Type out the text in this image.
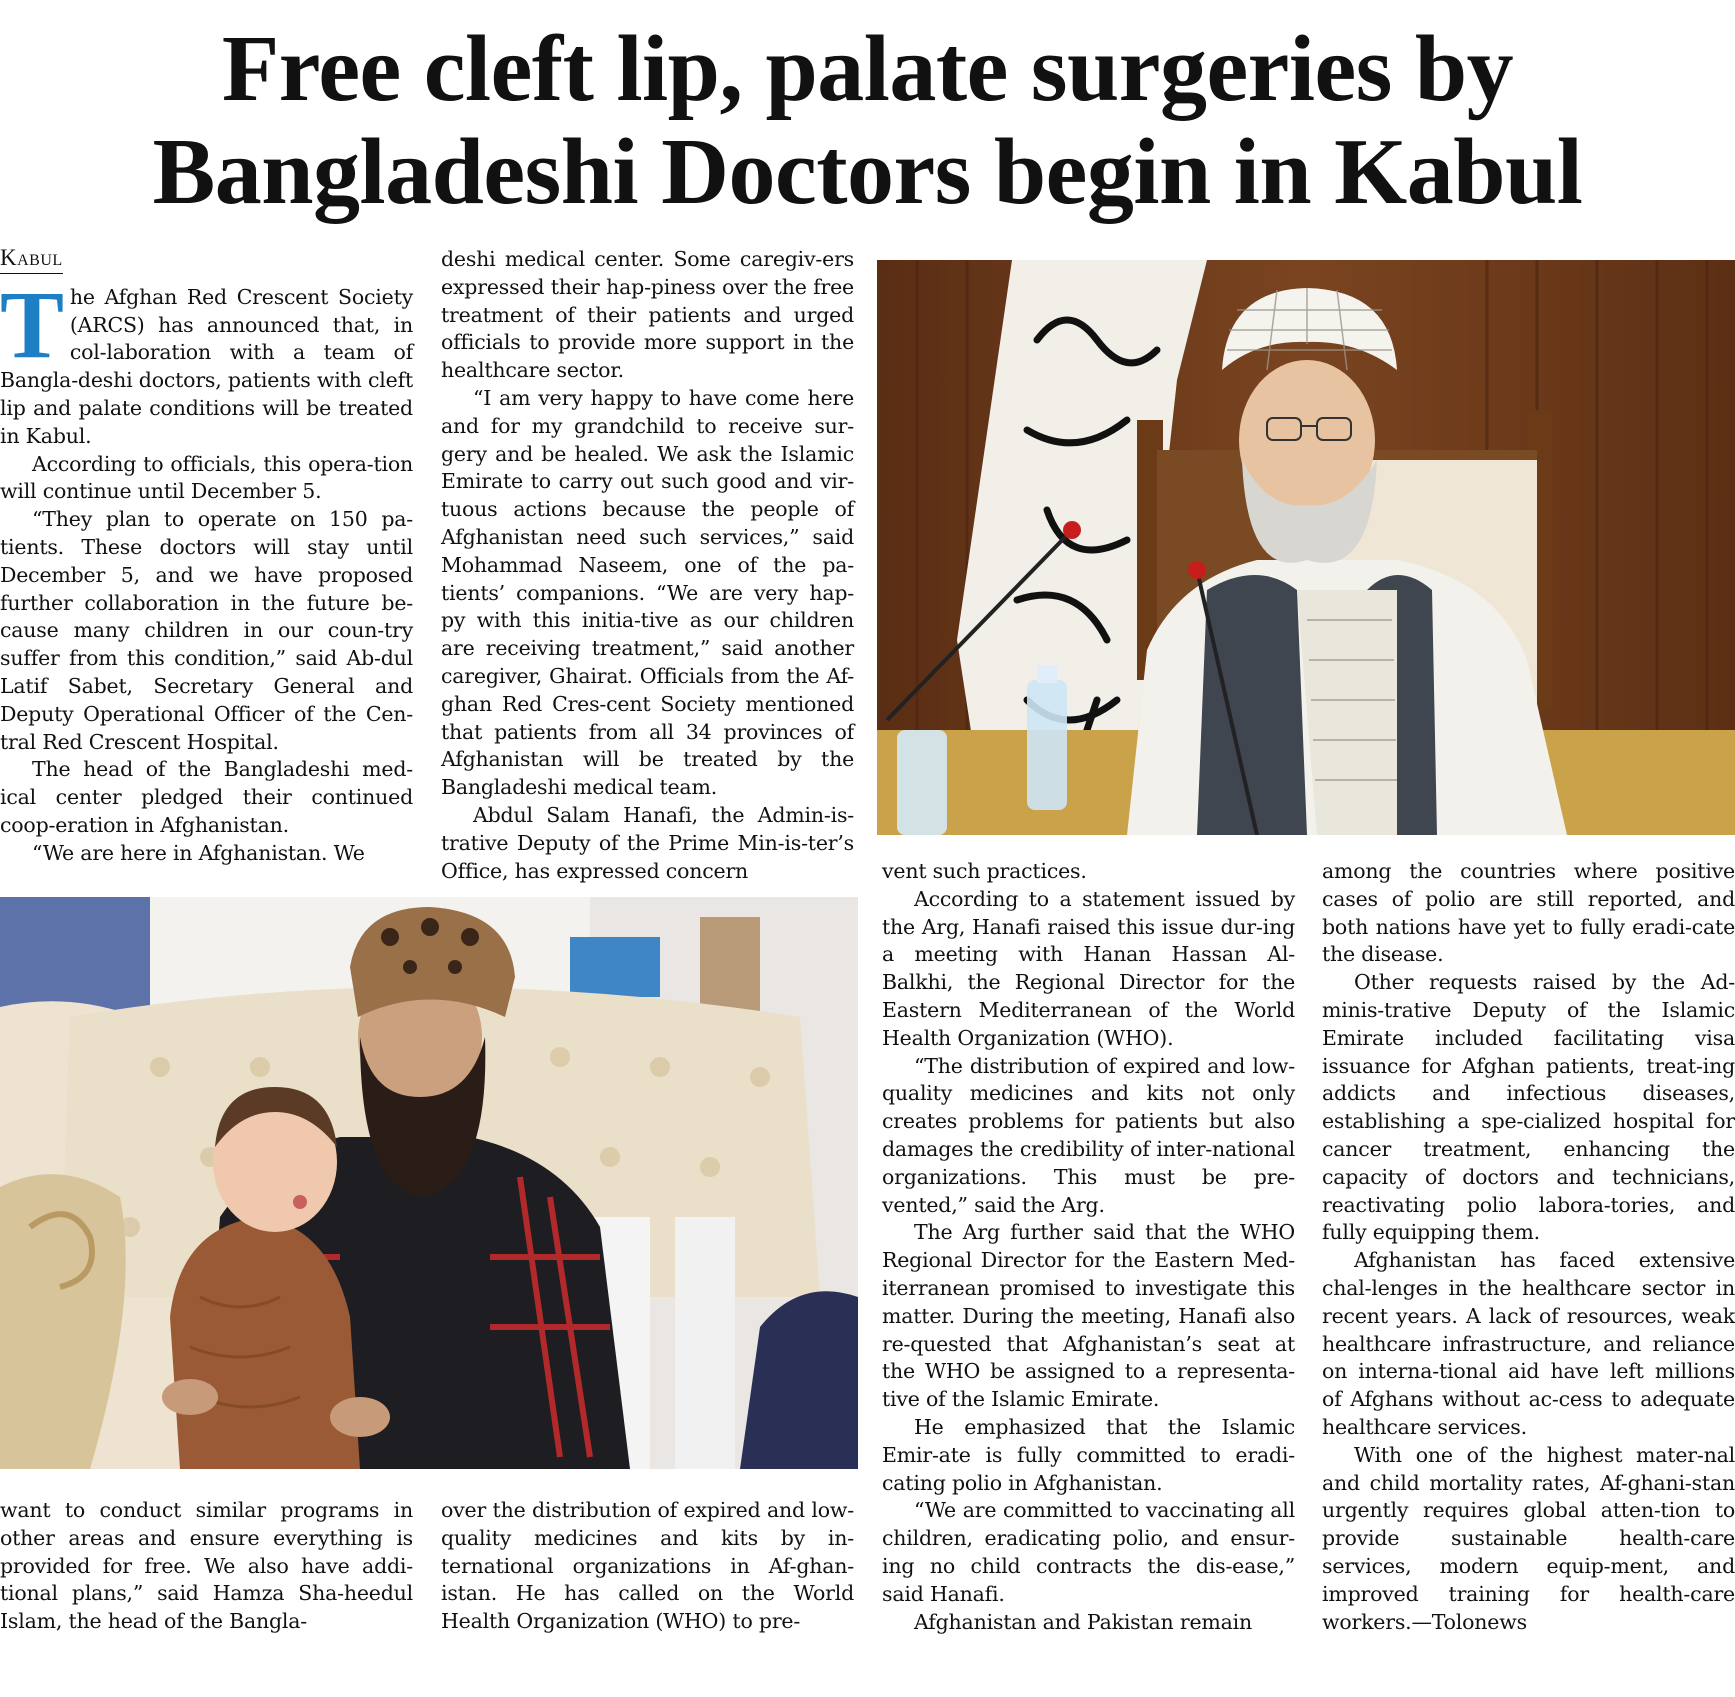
Free cleft lip, palate surgeries by
Bangladeshi Doctors begin in Kabul
Kabul

The Afghan Red Crescent Society (ARCS) has announced that, in col-laboration with a team of Bangla-deshi doctors, patients with cleft lip and palate conditions will be treated in Kabul.

According to officials, this opera-tion will continue until December 5.

“They plan to operate on 150 pa-tients. These doctors will stay until December 5, and we have proposed further collaboration in the future be-cause many children in our coun-try suffer from this condition,” said Ab-dul Latif Sabet, Secretary General and Deputy Operational Officer of the Cen-tral Red Crescent Hospital.

The head of the Bangladeshi med-ical center pledged their continued coop-eration in Afghanistan.

“We are here in Afghanistan. We

deshi medical center. Some caregiv-ers expressed their hap-piness over the free treatment of their patients and urged officials to provide more support in the healthcare sector.

“I am very happy to have come here and for my grandchild to receive sur-gery and be healed. We ask the Islamic Emirate to carry out such good and vir-tuous actions because the people of Afghanistan need such services,” said Mohammad Naseem, one of the pa-tients’ companions. “We are very hap-py with this initia-tive as our children are receiving treatment,” said another caregiver, Ghairat. Officials from the Af-ghan Red Cres-cent Society mentioned that patients from all 34 provinces of Afghanistan will be treated by the Bangladeshi medical team.

Abdul Salam Hanafi, the Admin-is-trative Deputy of the Prime Min-is-ter’s Office, has expressed concern

want to conduct similar programs in other areas and ensure everything is provided for free. We also have addi-tional plans,” said Hamza Sha-heedul Islam, the head of the Bangla-

over the distribution of expired and low-quality medicines and kits by in-ternational organizations in Af-ghan-istan. He has called on the World Health Organization (WHO) to pre-

vent such practices.

According to a statement issued by the Arg, Hanafi raised this issue dur-ing a meeting with Hanan Hassan Al-Balkhi, the Regional Director for the Eastern Mediterranean of the World Health Organization (WHO).

“The distribution of expired and low-quality medicines and kits not only creates problems for patients but also damages the credibility of inter-national organizations. This must be pre-vented,” said the Arg.

The Arg further said that the WHO Regional Director for the Eastern Med-iterranean promised to investigate this matter. During the meeting, Hanafi also re-quested that Afghanistan’s seat at the WHO be assigned to a representa-tive of the Islamic Emirate.

He emphasized that the Islamic Emir-ate is fully committed to eradi-cating polio in Afghanistan.

“We are committed to vaccinating all children, eradicating polio, and ensur-ing no child contracts the dis-ease,” said Hanafi.

Afghanistan and Pakistan remain

among the countries where positive cases of polio are still reported, and both nations have yet to fully eradi-cate the disease.

Other requests raised by the Ad-minis-trative Deputy of the Islamic Emirate included facilitating visa issuance for Afghan patients, treat-ing addicts and infectious diseases, establishing a spe-cialized hospital for cancer treatment, enhancing the capacity of doctors and technicians, reactivating polio labora-tories, and fully equipping them.

Afghanistan has faced extensive chal-lenges in the healthcare sector in recent years. A lack of resources, weak healthcare infrastructure, and reliance on interna-tional aid have left millions of Afghans without ac-cess to adequate healthcare services.

With one of the highest mater-nal and child mortality rates, Af-ghani-stan urgently requires global atten-tion to provide sustainable health-care services, modern equip-ment, and improved training for health-care workers.—Tolonews
